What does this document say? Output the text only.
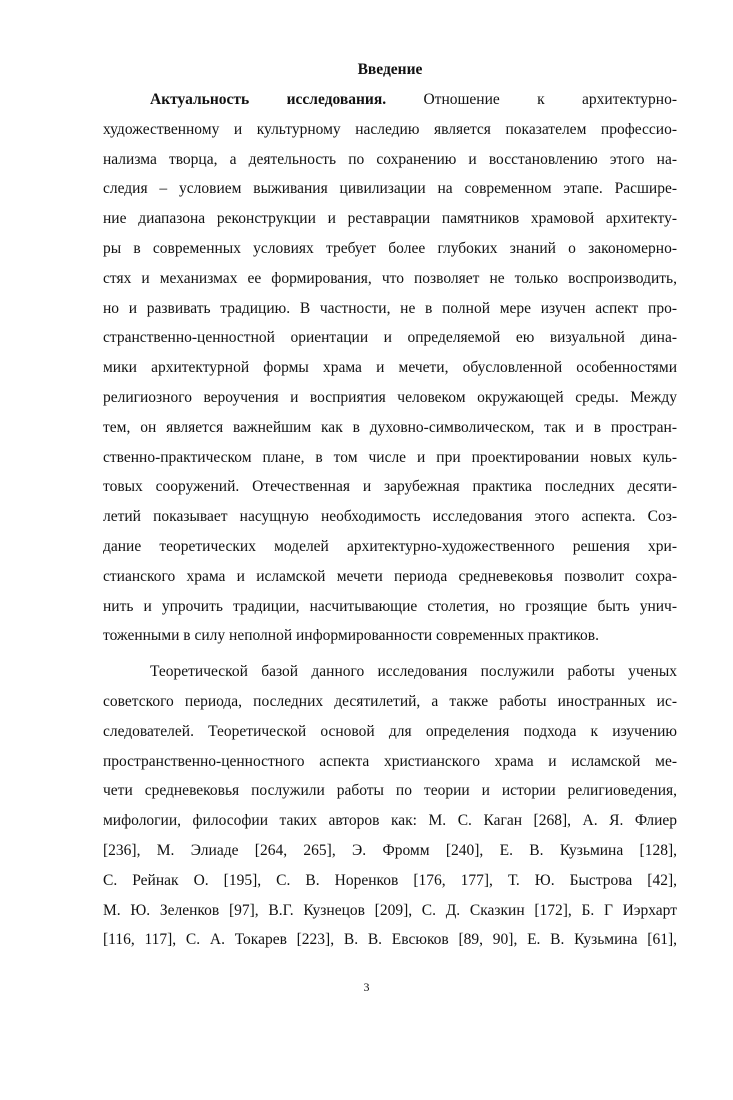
Введение
Актуальность исследования. Отношение к архитектурно-
художественному и культурному наследию является показателем профессио-
нализма творца, а деятельность по сохранению и восстановлению этого на-
следия – условием выживания цивилизации на современном этапе. Расшире-
ние диапазона реконструкции и реставрации памятников храмовой архитекту-
ры в современных условиях требует более глубоких знаний о закономерно-
стях и механизмах ее формирования, что позволяет не только воспроизводить,
но и развивать традицию. В частности, не в полной мере изучен аспект про-
странственно-ценностной ориентации и определяемой ею визуальной дина-
мики архитектурной формы храма и мечети, обусловленной особенностями
религиозного вероучения и восприятия человеком окружающей среды. Между
тем, он является важнейшим как в духовно-символическом, так и в простран-
ственно-практическом плане, в том числе и при проектировании новых куль-
товых сооружений. Отечественная и зарубежная практика последних десяти-
летий показывает насущную необходимость исследования этого аспекта. Соз-
дание теоретических моделей архитектурно-художественного решения хри-
стианского храма и исламской мечети периода средневековья позволит сохра-
нить и упрочить традиции, насчитывающие столетия, но грозящие быть унич-
тоженными в силу неполной информированности современных практиков.
Теоретической базой данного исследования послужили работы ученых
советского периода, последних десятилетий, а также работы иностранных ис-
следователей. Теоретической основой для определения подхода к изучению
пространственно-ценностного аспекта христианского храма и исламской ме-
чети средневековья послужили работы по теории и истории религиоведения,
мифологии, философии таких авторов как: М. С. Каган [268], А. Я. Флиер
[236], М. Элиаде [264, 265], Э. Фромм [240], Е. В. Кузьмина [128],
С. Рейнак О. [195], С. В. Норенков [176, 177], Т. Ю. Быстрова [42],
М. Ю. Зеленков [97], В.Г. Кузнецов [209], С. Д. Сказкин [172], Б. Г Иэрхарт
[116, 117], С. А. Токарев [223], В. В. Евсюков [89, 90], Е. В. Кузьмина [61],
3
